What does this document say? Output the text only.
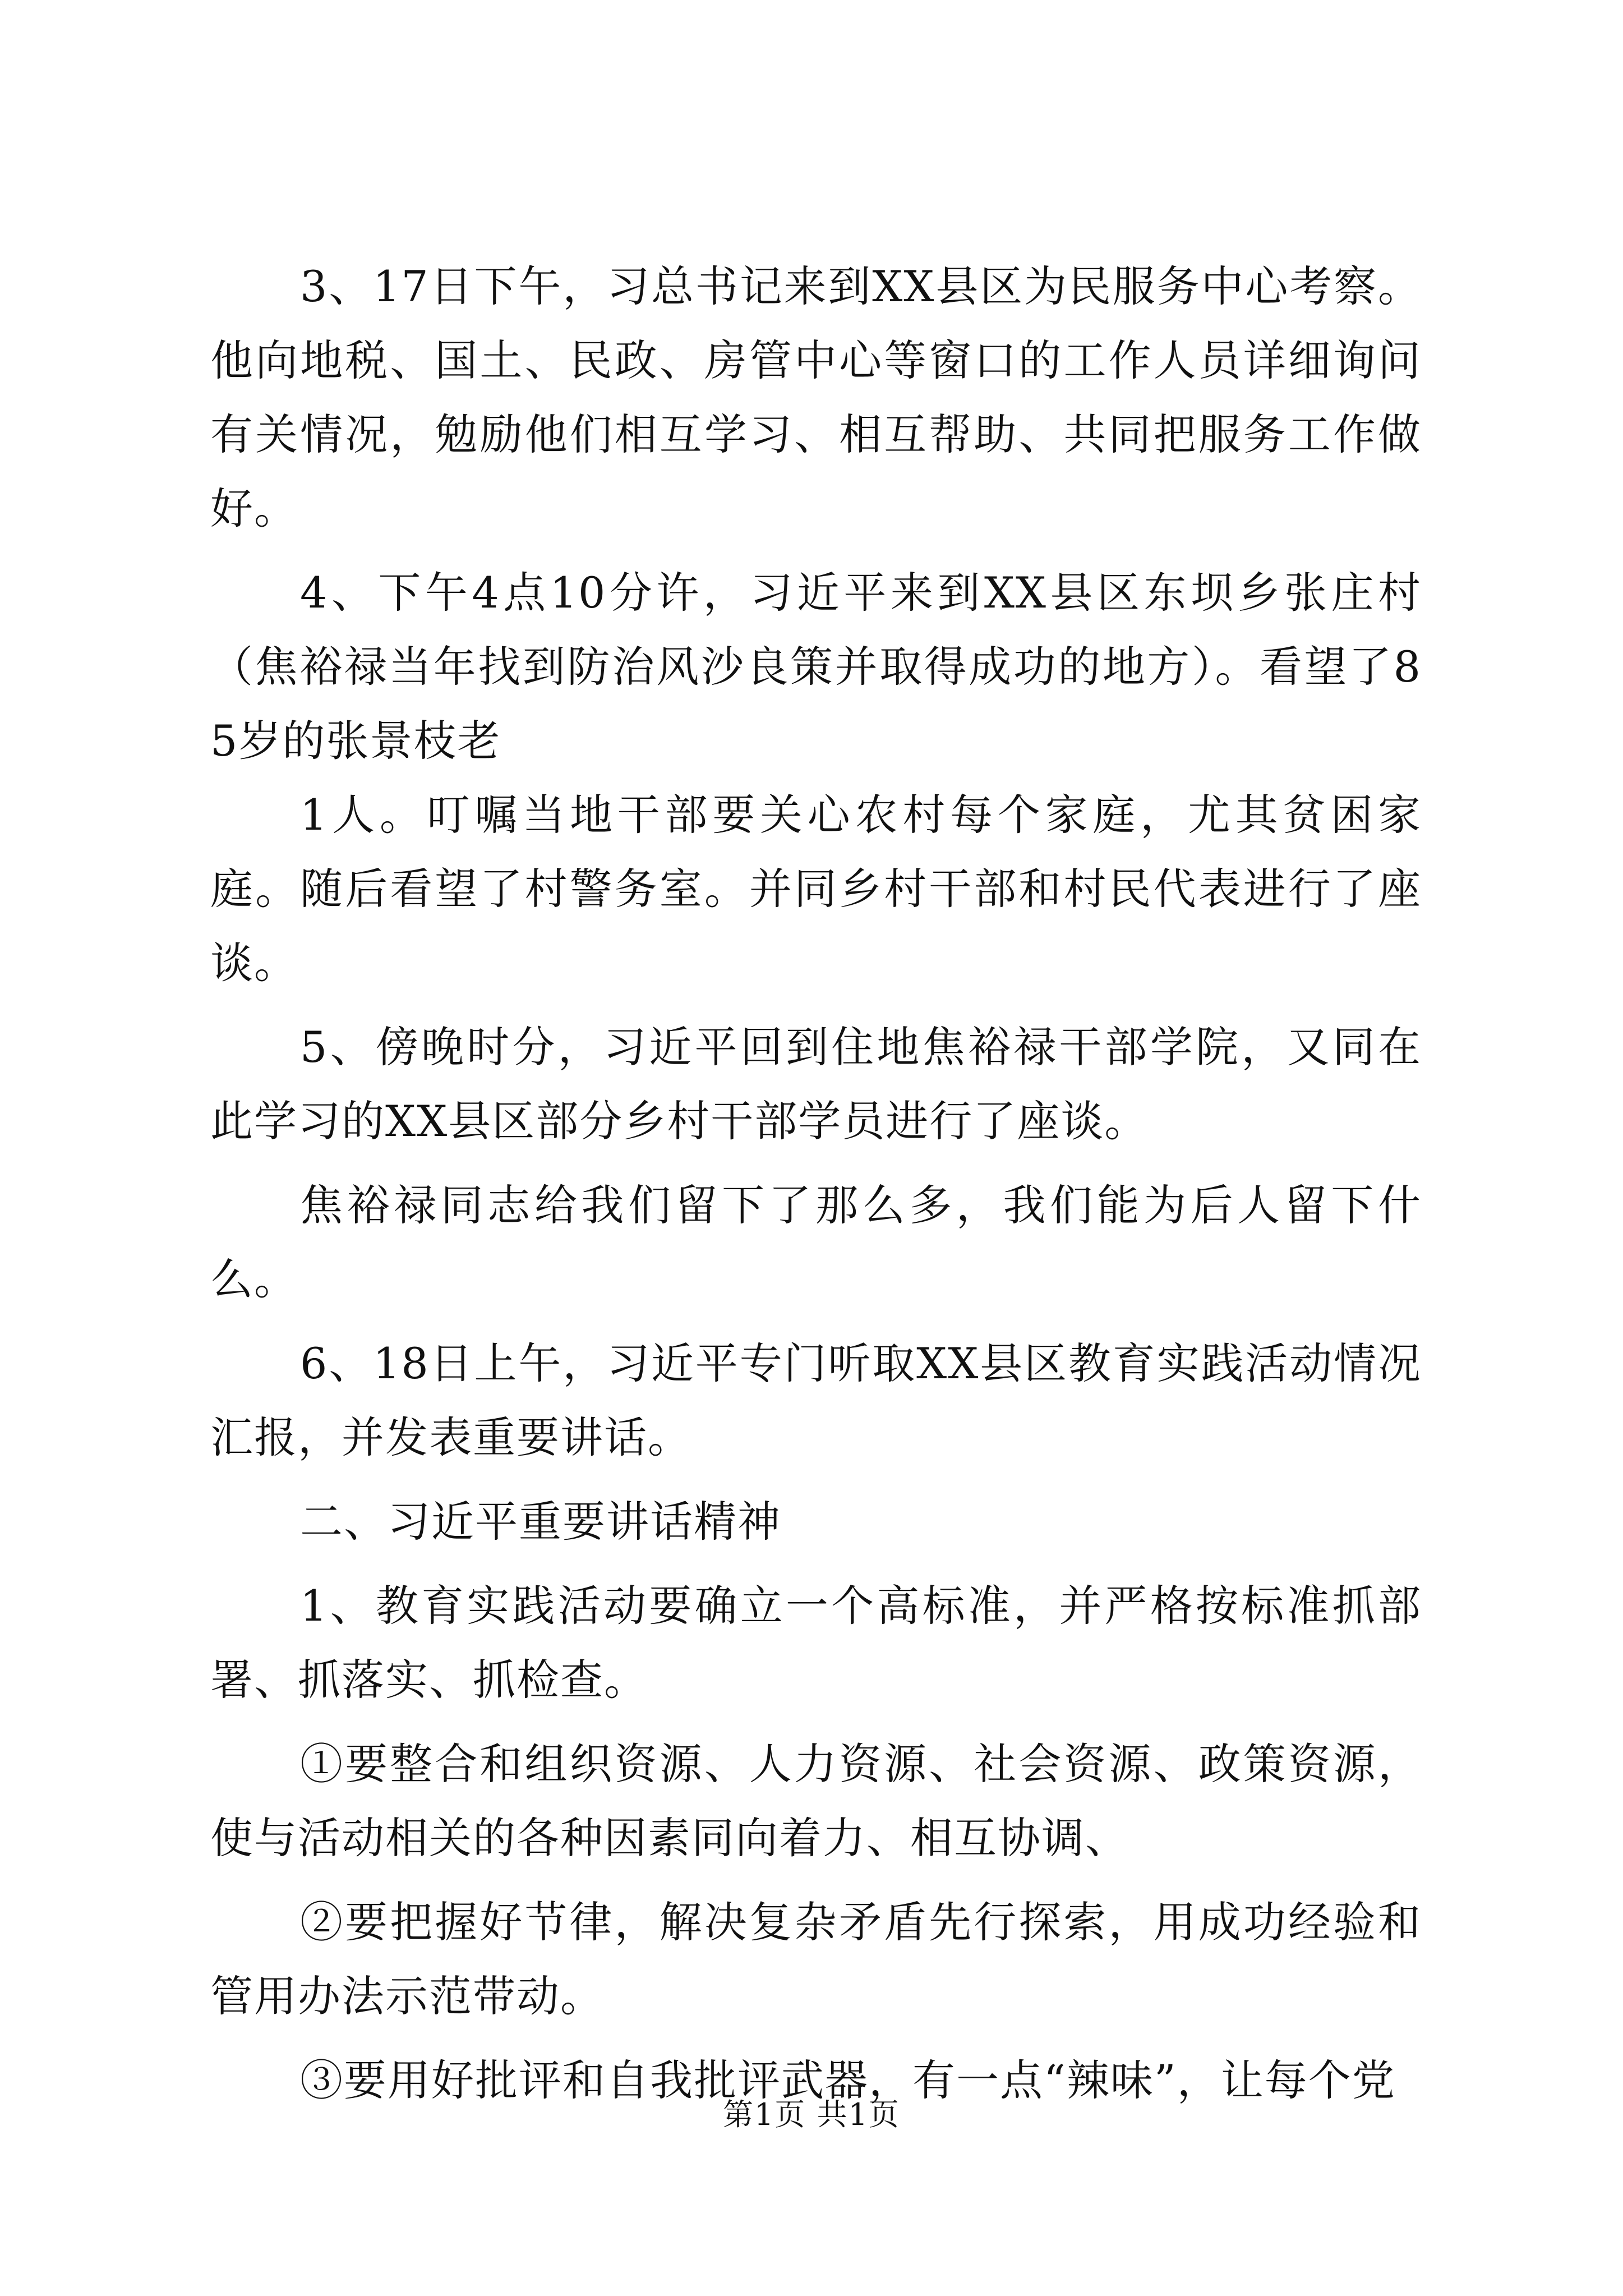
3、17日下午，习总书记来到XX县区为民服务中心考察。他向地税、国土、民政、房管中心等窗口的工作人员详细询问有关情况，勉励他们相互学习、相互帮助、共同把服务工作做好。

4、下午4点10分许，习近平来到XX县区东坝乡张庄村（焦裕禄当年找到防治风沙良策并取得成功的地方）。看望了85岁的张景枝老

1人。叮嘱当地干部要关心农村每个家庭，尤其贫困家庭。随后看望了村警务室。并同乡村干部和村民代表进行了座谈。

5、傍晚时分，习近平回到住地焦裕禄干部学院，又同在此学习的XX县区部分乡村干部学员进行了座谈。

焦裕禄同志给我们留下了那么多，我们能为后人留下什么。

6、18日上午，习近平专门听取XX县区教育实践活动情况汇报，并发表重要讲话。

二、习近平重要讲话精神

1、教育实践活动要确立一个高标准，并严格按标准抓部署、抓落实、抓检查。

①要整合和组织资源、人力资源、社会资源、政策资源，使与活动相关的各种因素同向着力、相互协调、

②要把握好节律，解决复杂矛盾先行探索，用成功经验和管用办法示范带动。

③要用好批评和自我批评武器，有一点“辣味”，让每个党

第1页 共1页
